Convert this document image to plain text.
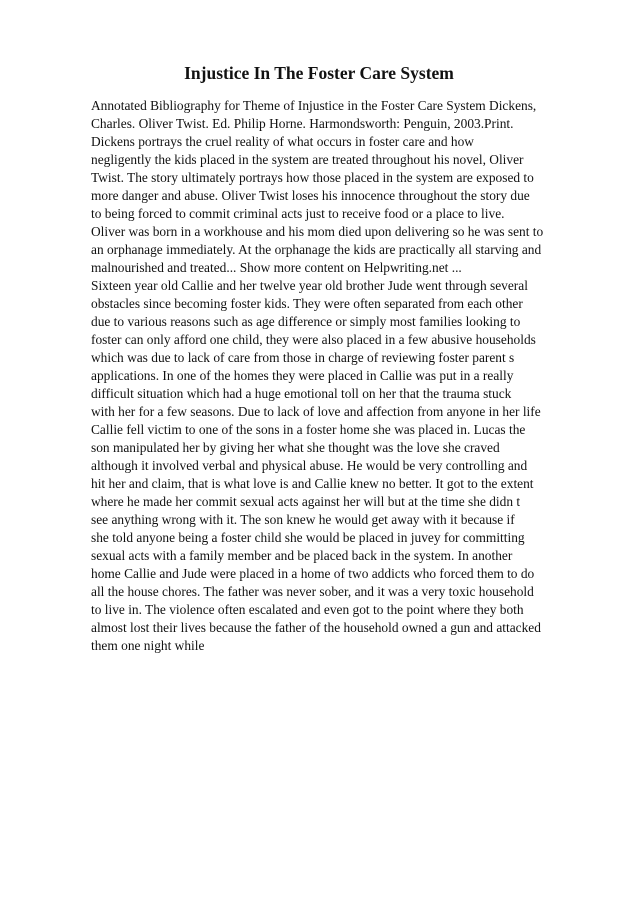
Injustice In The Foster Care System
Annotated Bibliography for Theme of Injustice in the Foster Care System Dickens,
Charles. Oliver Twist. Ed. Philip Horne. Harmondsworth: Penguin, 2003.Print.
Dickens portrays the cruel reality of what occurs in foster care and how
negligently the kids placed in the system are treated throughout his novel, Oliver
Twist. The story ultimately portrays how those placed in the system are exposed to
more danger and abuse. Oliver Twist loses his innocence throughout the story due
to being forced to commit criminal acts just to receive food or a place to live.
Oliver was born in a workhouse and his mom died upon delivering so he was sent to
an orphanage immediately. At the orphanage the kids are practically all starving and
malnourished and treated... Show more content on Helpwriting.net ...
Sixteen year old Callie and her twelve year old brother Jude went through several
obstacles since becoming foster kids. They were often separated from each other
due to various reasons such as age difference or simply most families looking to
foster can only afford one child, they were also placed in a few abusive households
which was due to lack of care from those in charge of reviewing foster parent s
applications. In one of the homes they were placed in Callie was put in a really
difficult situation which had a huge emotional toll on her that the trauma stuck
with her for a few seasons. Due to lack of love and affection from anyone in her life
Callie fell victim to one of the sons in a foster home she was placed in. Lucas the
son manipulated her by giving her what she thought was the love she craved
although it involved verbal and physical abuse. He would be very controlling and
hit her and claim, that is what love is and Callie knew no better. It got to the extent
where he made her commit sexual acts against her will but at the time she didn t
see anything wrong with it. The son knew he would get away with it because if
she told anyone being a foster child she would be placed in juvey for committing
sexual acts with a family member and be placed back in the system. In another
home Callie and Jude were placed in a home of two addicts who forced them to do
all the house chores. The father was never sober, and it was a very toxic household
to live in. The violence often escalated and even got to the point where they both
almost lost their lives because the father of the household owned a gun and attacked
them one night while
